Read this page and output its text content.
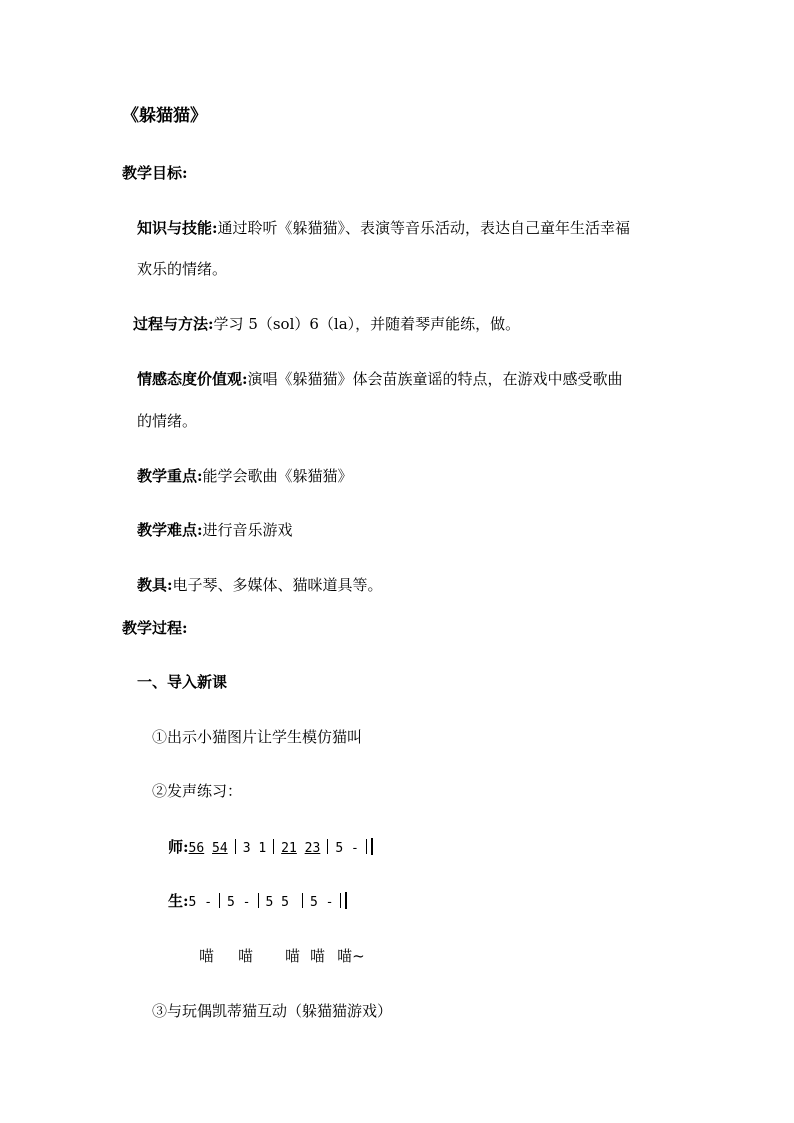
《躲猫猫》
教学目标:
知识与技能:通过聆听《躲猫猫》、表演等音乐活动，表达自己童年生活幸福
欢乐的情绪。
过程与方法:学习 5（sol）6（la），并随着琴声能练，做。
情感态度价值观:演唱《躲猫猫》体会苗族童谣的特点，在游戏中感受歌曲
的情绪。
教学重点:能学会歌曲《躲猫猫》
教学难点:进行音乐游戏
教具:电子琴、多媒体、猫咪道具等。
教学过程:
一、导入新课
①出示小猫图片让学生模仿猫叫
②发声练习：
师:56 54 3 1 21 23 5 -
生:5 - 5 - 5 5 5 -
喵 喵 喵 喵 喵~
③与玩偶凯蒂猫互动（躲猫猫游戏）
